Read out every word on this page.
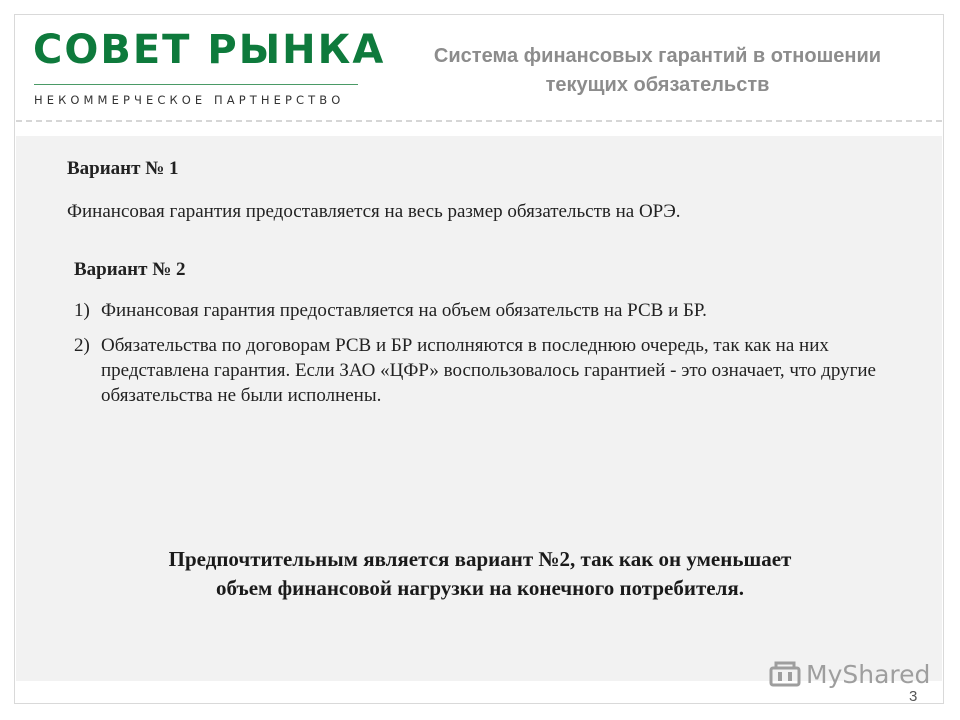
СОВЕТ РЫНКА
НЕКОММЕРЧЕСКОЕ ПАРТНЕРСТВО
Система финансовых гарантий в отношении
текущих обязательств
Вариант № 1
Финансовая гарантия предоставляется на весь размер обязательств на ОРЭ.
Вариант № 2
1) Финансовая гарантия предоставляется на объем обязательств на РСВ и БР.
2) Обязательства по договорам РСВ и БР исполняются в последнюю очередь, так как на них представлена гарантия. Если ЗАО «ЦФР» воспользовалось гарантией - это означает, что другие обязательства не были исполнены.
Предпочтительным является вариант №2, так как он уменьшает
объем финансовой нагрузки на конечного потребителя.
MyShared
3
